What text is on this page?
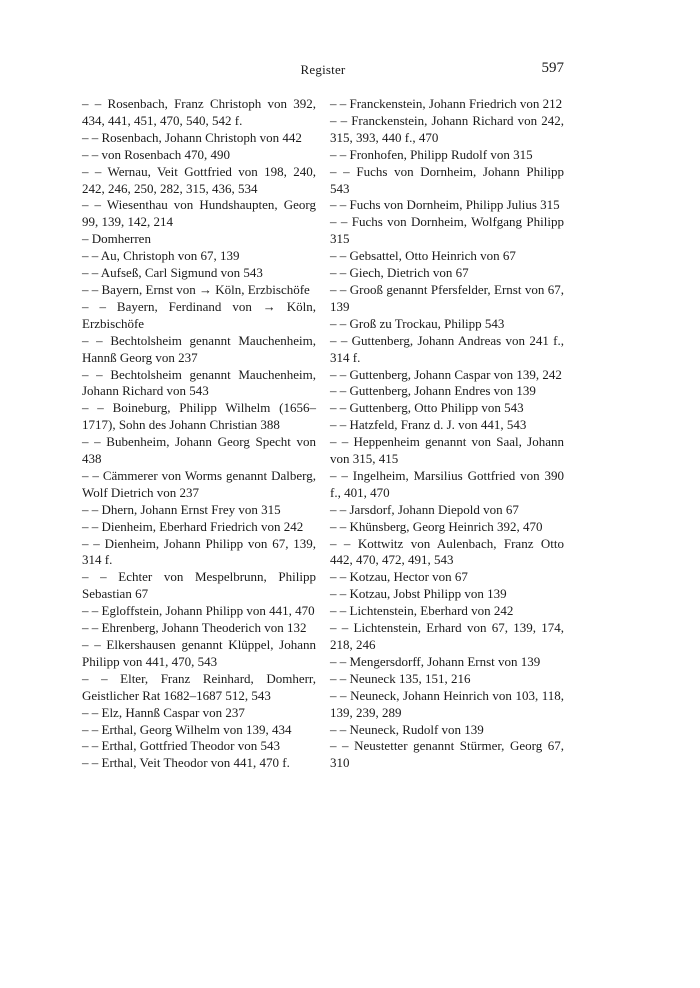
Register	597

– – Rosenbach, Franz Christoph von 392, 434, 441, 451, 470, 540, 542 f.

– – Rosenbach, Johann Christoph von 442

– – von Rosenbach 470, 490

– – Wernau, Veit Gottfried von 198, 240, 242, 246, 250, 282, 315, 436, 534

– – Wiesenthau von Hundshaupten, Georg 99, 139, 142, 214

– Domherren

– – Au, Christoph von 67, 139

– – Aufseß, Carl Sigmund von 543

– – Bayern, Ernst von → Köln, Erzbischöfe

– – Bayern, Ferdinand von → Köln, Erzbischöfe

– – Bechtolsheim genannt Mauchenheim, Hannß Georg von 237

– – Bechtolsheim genannt Mauchenheim, Johann Richard von 543

– – Boineburg, Philipp Wilhelm (1656–1717), Sohn des Johann Christian 388

– – Bubenheim, Johann Georg Specht von 438

– – Cämmerer von Worms genannt Dalberg, Wolf Dietrich von 237

– – Dhern, Johann Ernst Frey von 315

– – Dienheim, Eberhard Friedrich von 242

– – Dienheim, Johann Philipp von 67, 139, 314 f.

– – Echter von Mespelbrunn, Philipp Sebastian 67

– – Egloffstein, Johann Philipp von 441, 470

– – Ehrenberg, Johann Theoderich von 132

– – Elkershausen genannt Klüppel, Johann Philipp von 441, 470, 543

– – Elter, Franz Reinhard, Domherr, Geistlicher Rat 1682–1687 512, 543

– – Elz, Hannß Caspar von 237

– – Erthal, Georg Wilhelm von 139, 434

– – Erthal, Gottfried Theodor von 543

– – Erthal, Veit Theodor von 441, 470 f.

– – Franckenstein, Johann Friedrich von 212

– – Franckenstein, Johann Richard von 242, 315, 393, 440 f., 470

– – Fronhofen, Philipp Rudolf von 315

– – Fuchs von Dornheim, Johann Philipp 543

– – Fuchs von Dornheim, Philipp Julius 315

– – Fuchs von Dornheim, Wolfgang Philipp 315

– – Gebsattel, Otto Heinrich von 67

– – Giech, Dietrich von 67

– – Grooß genannt Pfersfelder, Ernst von 67, 139

– – Groß zu Trockau, Philipp 543

– – Guttenberg, Johann Andreas von 241 f., 314 f.

– – Guttenberg, Johann Caspar von 139, 242

– – Guttenberg, Johann Endres von 139

– – Guttenberg, Otto Philipp von 543

– – Hatzfeld, Franz d. J. von 441, 543

– – Heppenheim genannt von Saal, Johann von 315, 415

– – Ingelheim, Marsilius Gottfried von 390 f., 401, 470

– – Jarsdorf, Johann Diepold von 67

– – Khünsberg, Georg Heinrich 392, 470

– – Kottwitz von Aulenbach, Franz Otto 442, 470, 472, 491, 543

– – Kotzau, Hector von 67

– – Kotzau, Jobst Philipp von 139

– – Lichtenstein, Eberhard von 242

– – Lichtenstein, Erhard von 67, 139, 174, 218, 246

– – Mengersdorff, Johann Ernst von 139

– – Neuneck 135, 151, 216

– – Neuneck, Johann Heinrich von 103, 118, 139, 239, 289

– – Neuneck, Rudolf von 139

– – Neustetter genannt Stürmer, Georg 67, 310
